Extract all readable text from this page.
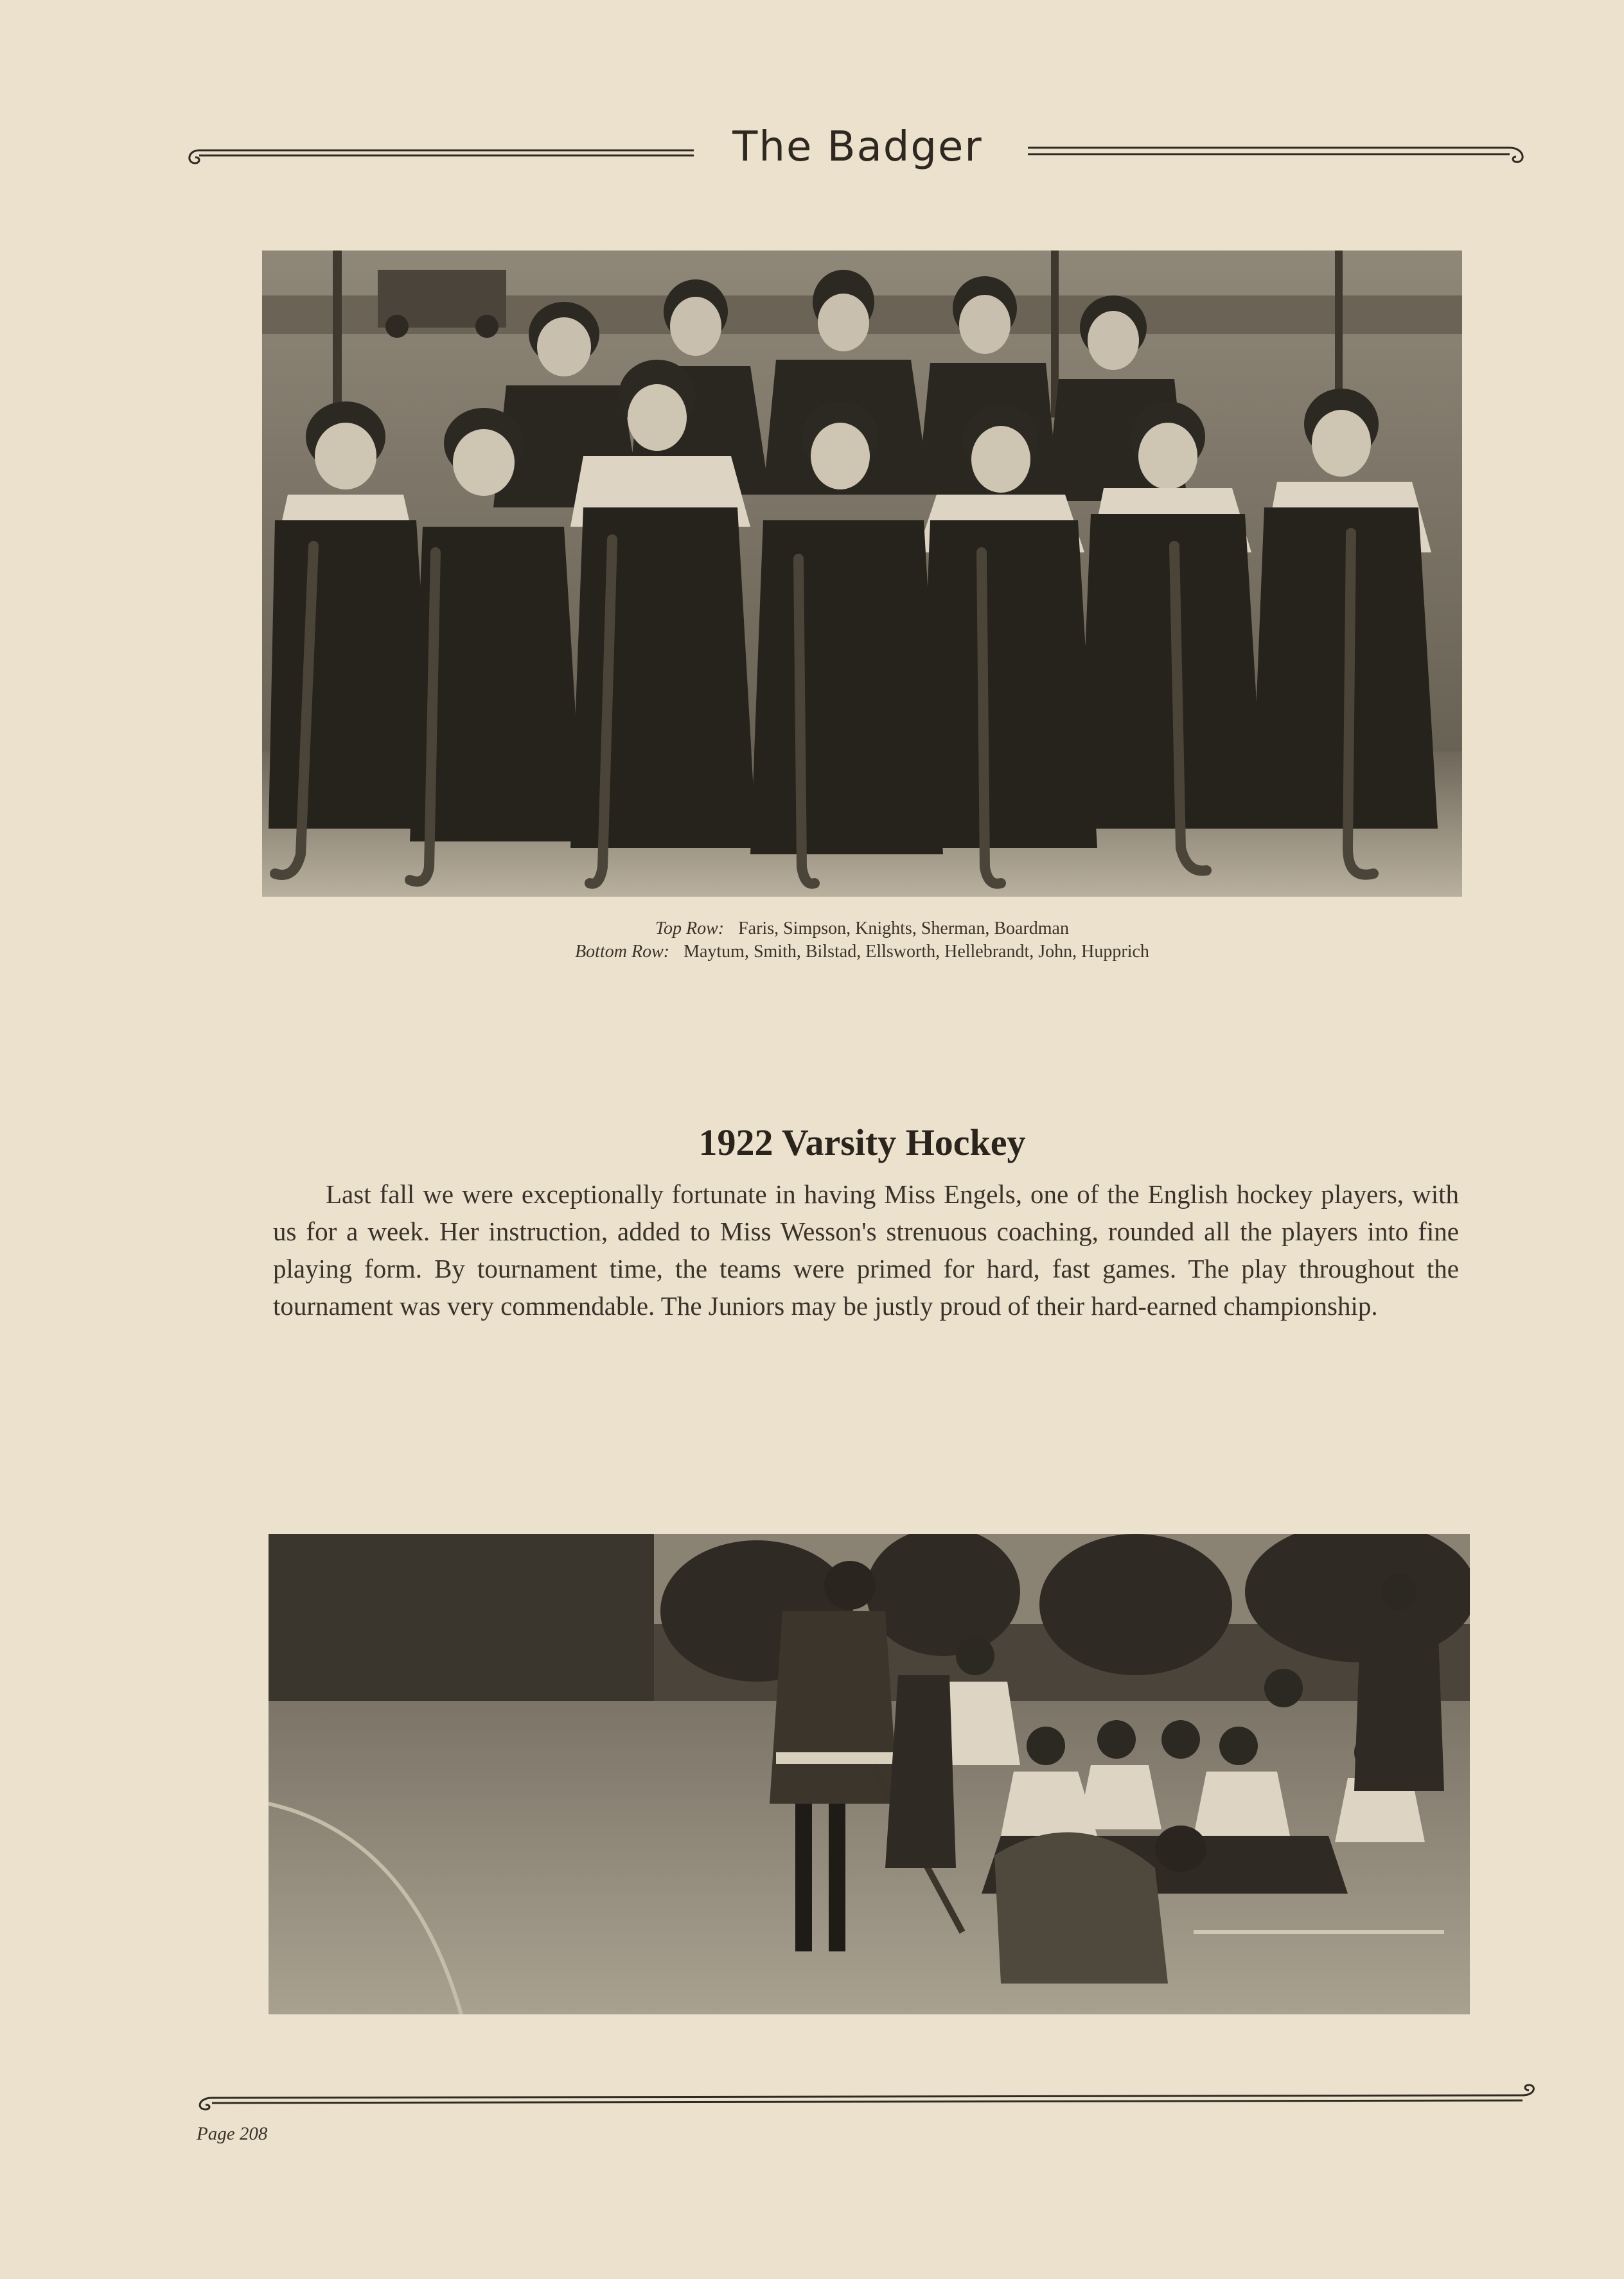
The Badger
Top Row: Faris, Simpson, Knights, Sherman, Boardman
Bottom Row: Maytum, Smith, Bilstad, Ellsworth, Hellebrandt, John, Hupprich
1922 Varsity Hockey
Last fall we were exceptionally fortunate in having Miss Engels, one of the English hockey players, with us for a week. Her instruction, added to Miss Wesson's strenuous coaching, rounded all the players into fine playing form. By tournament time, the teams were primed for hard, fast games. The play throughout the tournament was very commendable. The Juniors may be justly proud of their hard-earned championship.
Page 208
